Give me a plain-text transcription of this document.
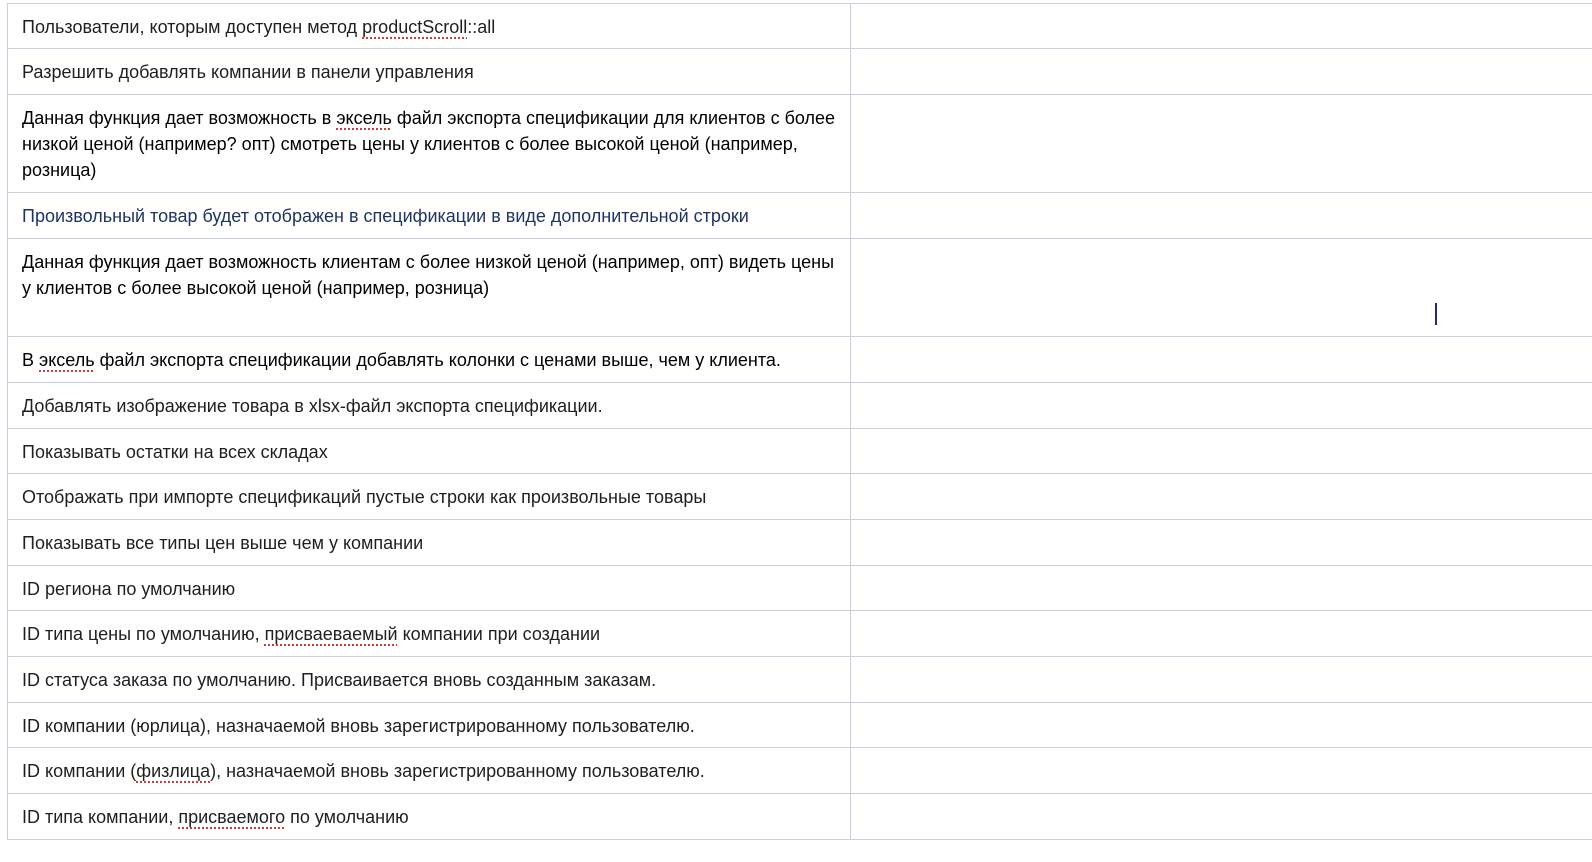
Пользователи, которым доступен метод productScroll::all
Разрешить добавлять компании в панели управления
Данная функция дает возможность в эксель файл экспорта спецификации для клиентов с более низкой ценой (например? опт) смотреть цены у клиентов с более высокой ценой (например, розница)
Произвольный товар будет отображен в спецификации в виде дополнительной строки
Данная функция дает возможность клиентам с более низкой ценой (например, опт) видеть цены у клиентов с более высокой ценой (например, розница)
В эксель файл экспорта спецификации добавлять колонки с ценами выше, чем у клиента.
Добавлять изображение товара в xlsx-файл экспорта спецификации.
Показывать остатки на всех складах
Отображать при импорте спецификаций пустые строки как произвольные товары
Показывать все типы цен выше чем у компании
ID региона по умолчанию
ID типа цены по умолчанию, присваеваемый компании при создании
ID статуса заказа по умолчанию. Присваивается вновь созданным заказам.
ID компании (юрлица), назначаемой вновь зарегистрированному пользователю.
ID компании (физлица), назначаемой вновь зарегистрированному пользователю.
ID типа компании, присваемого по умолчанию
